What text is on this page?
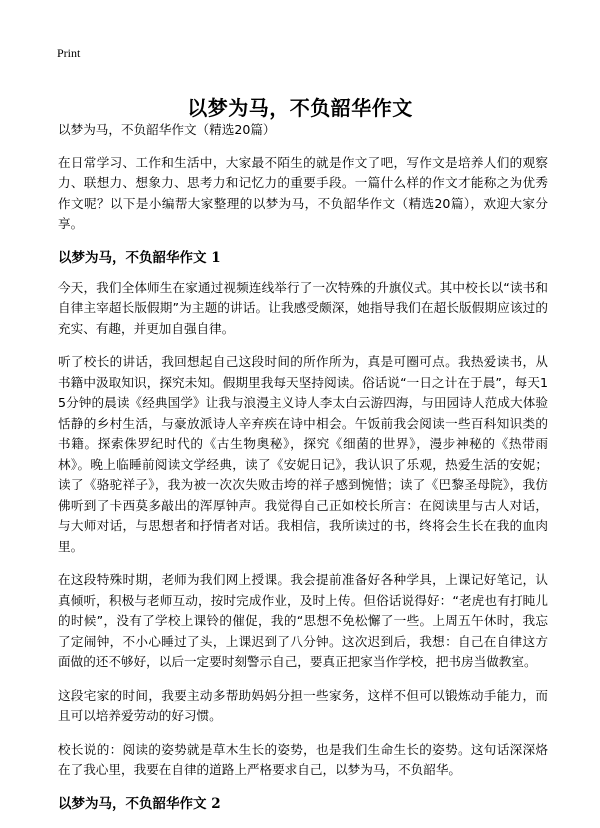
Print
以梦为马，不负韶华作文

以梦为马，不负韶华作文（精选20篇）

在日常学习、工作和生活中，大家最不陌生的就是作文了吧，写作文是培养人们的观察力、联想力、想象力、思考力和记忆力的重要手段。一篇什么样的作文才能称之为优秀作文呢？以下是小编帮大家整理的以梦为马，不负韶华作文（精选20篇），欢迎大家分享。

以梦为马，不负韶华作文 1

今天，我们全体师生在家通过视频连线举行了一次特殊的升旗仪式。其中校长以“读书和自律主宰超长版假期”为主题的讲话。让我感受颇深，她指导我们在超长版假期应该过的充实、有趣，并更加自强自律。

听了校长的讲话，我回想起自己这段时间的所作所为，真是可圈可点。我热爱读书，从书籍中汲取知识，探究未知。假期里我每天坚持阅读。俗话说“一日之计在于晨”，每天15分钟的晨读《经典国学》让我与浪漫主义诗人李太白云游四海，与田园诗人范成大体验恬静的乡村生活，与豪放派诗人辛弃疾在诗中相会。午饭前我会阅读一些百科知识类的书籍。探索侏罗纪时代的《古生物奥秘》，探究《细菌的世界》，漫步神秘的《热带雨林》。晚上临睡前阅读文学经典，读了《安妮日记》，我认识了乐观，热爱生活的安妮；读了《骆驼祥子》，我为被一次次失败击垮的祥子感到惋惜；读了《巴黎圣母院》，我仿佛听到了卡西莫多敲出的浑厚钟声。我觉得自己正如校长所言：在阅读里与古人对话，与大师对话，与思想者和抒情者对话。我相信，我所读过的书，终将会生长在我的血肉里。

在这段特殊时期，老师为我们网上授课。我会提前准备好各种学具，上课记好笔记，认真倾听，积极与老师互动，按时完成作业，及时上传。但俗话说得好：“老虎也有打盹儿的时候”，没有了学校上课铃的催促，我的“思想不免松懈了一些。上周五午休时，我忘了定闹钟，不小心睡过了头，上课迟到了八分钟。这次迟到后，我想：自己在自律这方面做的还不够好，以后一定要时刻警示自己，要真正把家当作学校，把书房当做教室。

这段宅家的时间，我要主动多帮助妈妈分担一些家务，这样不但可以锻炼动手能力，而且可以培养爱劳动的好习惯。

校长说的：阅读的姿势就是草木生长的姿势，也是我们生命生长的姿势。这句话深深烙在了我心里，我要在自律的道路上严格要求自己，以梦为马，不负韶华。

以梦为马，不负韶华作文 2
